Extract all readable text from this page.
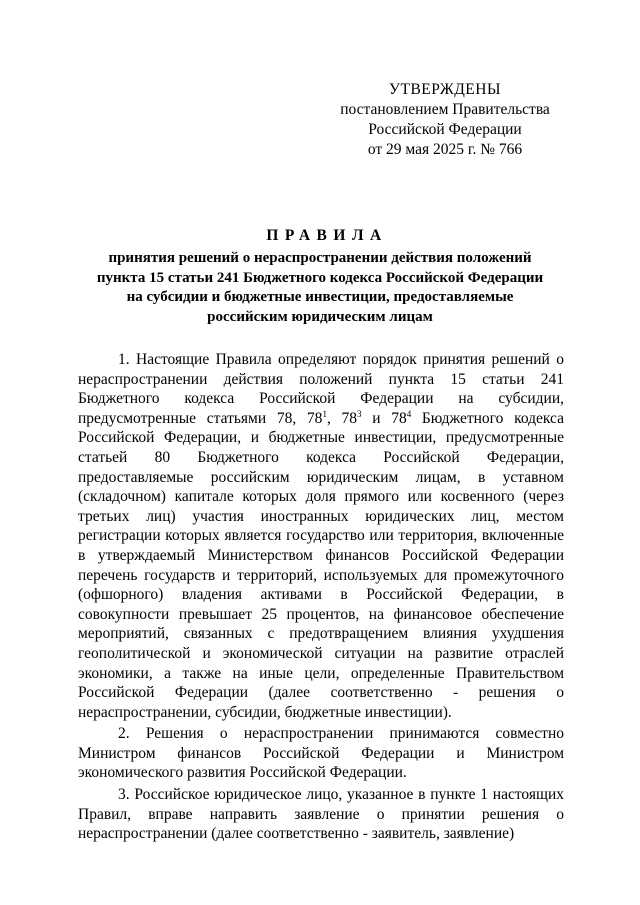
УТВЕРЖДЕНЫ
постановлением Правительства
Российской Федерации
от 29 мая 2025 г. № 766
ПРАВИЛА
принятия решений о нераспространении действия положений
пункта 15 статьи 241 Бюджетного кодекса Российской Федерации
на субсидии и бюджетные инвестиции, предоставляемые
российским юридическим лицам

1. Настоящие Правила определяют порядок принятия решений о нераспространении действия положений пункта 15 статьи 241 Бюджетного кодекса Российской Федерации на субсидии, предусмотренные статьями 78, $78^1$, $78^3$ и $78^4$ Бюджетного кодекса Российской Федерации, и бюджетные инвестиции, предусмотренные статьей 80 Бюджетного кодекса Российской Федерации, предоставляемые российским юридическим лицам, в уставном (складочном) капитале которых доля прямого или косвенного (через третьих лиц) участия иностранных юридических лиц, местом регистрации которых является государство или территория, включенные в утверждаемый Министерством финансов Российской Федерации перечень государств и территорий, используемых для промежуточного (офшорного) владения активами в Российской Федерации, в совокупности превышает 25 процентов, на финансовое обеспечение мероприятий, связанных с предотвращением влияния ухудшения геополитической и экономической ситуации на развитие отраслей экономики, а также на иные цели, определенные Правительством Российской Федерации (далее соответственно - решения о нераспространении, субсидии, бюджетные инвестиции).

2. Решения о нераспространении принимаются совместно Министром финансов Российской Федерации и Министром экономического развития Российской Федерации.

3. Российское юридическое лицо, указанное в пункте 1 настоящих Правил, вправе направить заявление о принятии решения о нераспространении (далее соответственно - заявитель, заявление)
